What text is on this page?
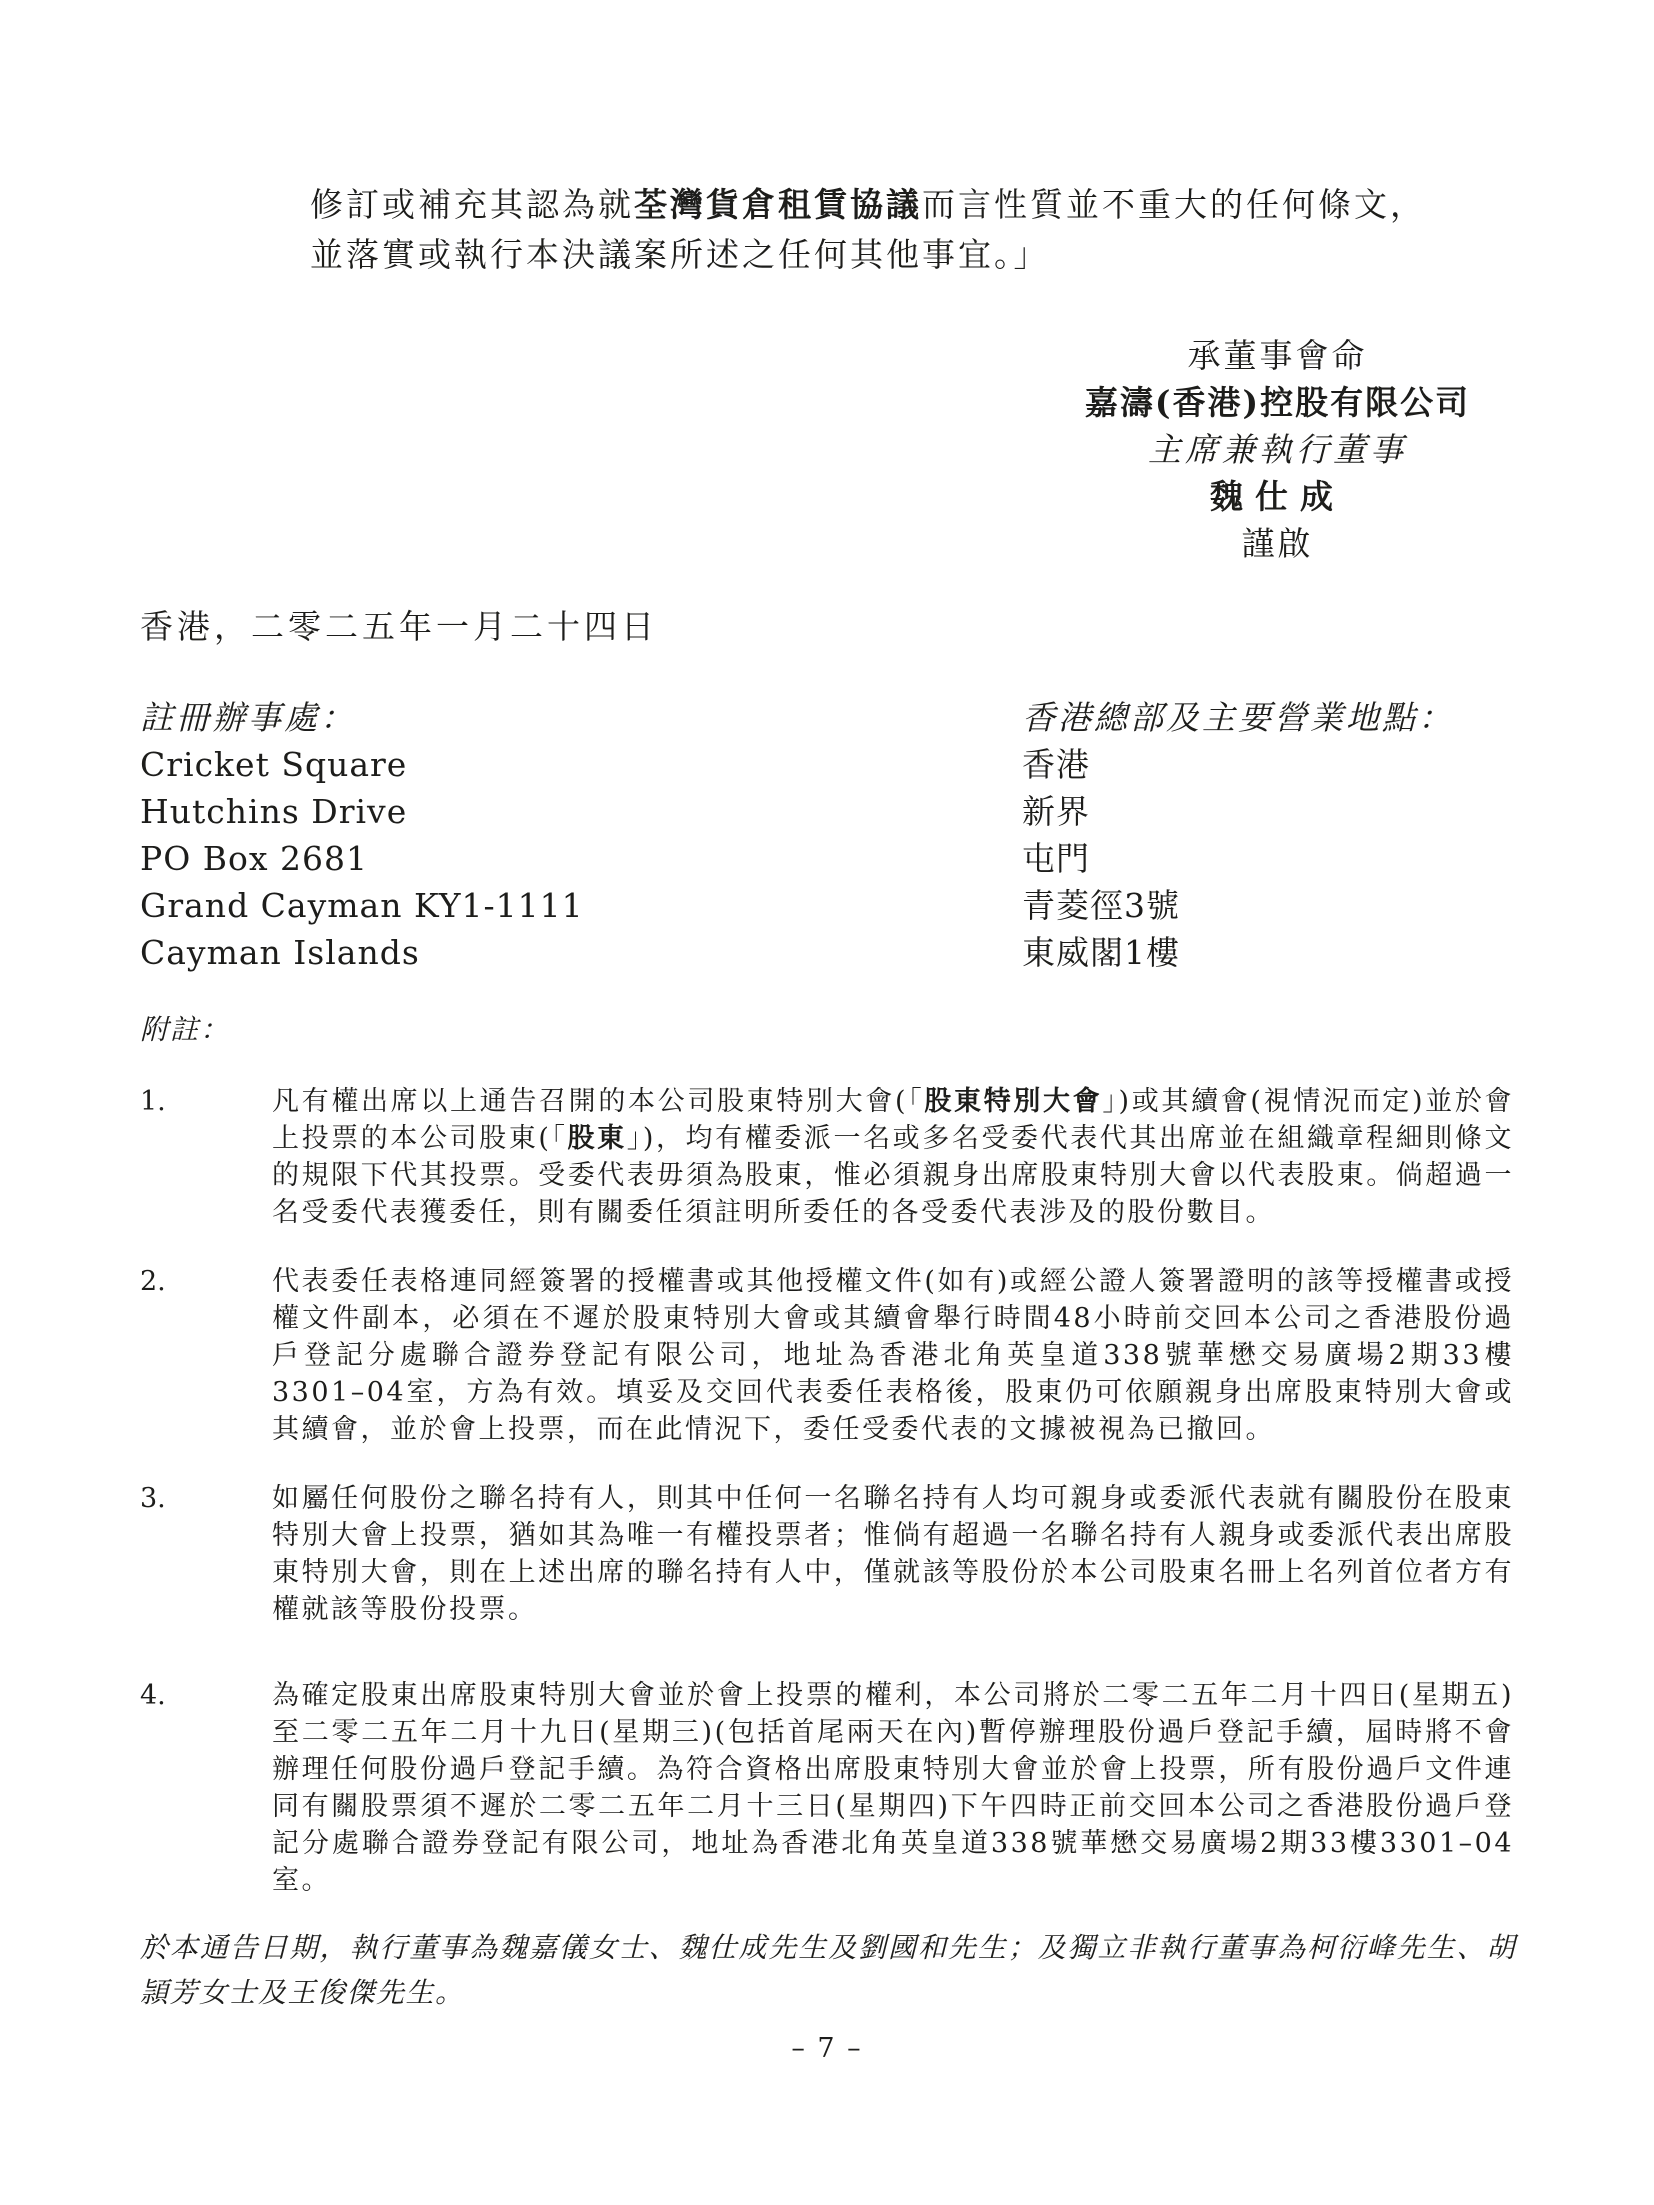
修訂或補充其認為就荃灣貨倉租賃協議而言性質並不重大的任何條文，
並落實或執行本決議案所述之任何其他事宜。」
承董事會命
嘉濤(香港)控股有限公司
主席兼執行董事
魏仕成
謹啟
香港，二零二五年一月二十四日
註冊辦事處：
Cricket Square
Hutchins Drive
PO Box 2681
Grand Cayman KY1-1111
Cayman Islands
香港總部及主要營業地點：
香港
新界
屯門
青菱徑3號
東威閣1樓
附註：
1.	凡有權出席以上通告召開的本公司股東特別大會(「股東特別大會」)或其續會(視情況而定)並於會上投票的本公司股東(「股東」)，均有權委派一名或多名受委代表代其出席並在組織章程細則條文的規限下代其投票。受委代表毋須為股東，惟必須親身出席股東特別大會以代表股東。倘超過一名受委代表獲委任，則有關委任須註明所委任的各受委代表涉及的股份數目。
2.	代表委任表格連同經簽署的授權書或其他授權文件(如有)或經公證人簽署證明的該等授權書或授權文件副本，必須在不遲於股東特別大會或其續會舉行時間48小時前交回本公司之香港股份過戶登記分處聯合證券登記有限公司，地址為香港北角英皇道338號華懋交易廣場2期33樓3301–04室，方為有效。填妥及交回代表委任表格後，股東仍可依願親身出席股東特別大會或其續會，並於會上投票，而在此情況下，委任受委代表的文據被視為已撤回。
3.	如屬任何股份之聯名持有人，則其中任何一名聯名持有人均可親身或委派代表就有關股份在股東特別大會上投票，猶如其為唯一有權投票者；惟倘有超過一名聯名持有人親身或委派代表出席股東特別大會，則在上述出席的聯名持有人中，僅就該等股份於本公司股東名冊上名列首位者方有權就該等股份投票。
4.	為確定股東出席股東特別大會並於會上投票的權利，本公司將於二零二五年二月十四日(星期五)至二零二五年二月十九日(星期三)(包括首尾兩天在內)暫停辦理股份過戶登記手續，屆時將不會辦理任何股份過戶登記手續。為符合資格出席股東特別大會並於會上投票，所有股份過戶文件連同有關股票須不遲於二零二五年二月十三日(星期四)下午四時正前交回本公司之香港股份過戶登記分處聯合證券登記有限公司，地址為香港北角英皇道338號華懋交易廣場2期33樓3301–04室。
於本通告日期，執行董事為魏嘉儀女士、魏仕成先生及劉國和先生；及獨立非執行董事為柯衍峰先生、胡頴芳女士及王俊傑先生。
– 7 –
